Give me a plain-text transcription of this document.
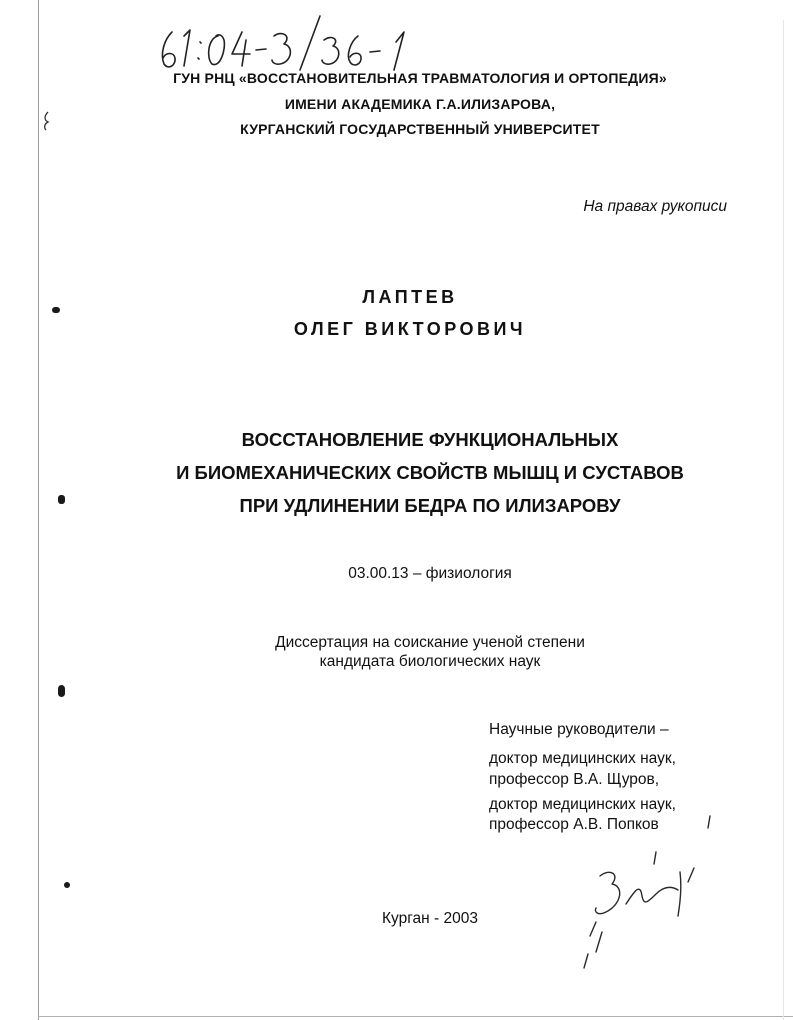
ГУН РНЦ «ВОССТАНОВИТЕЛЬНАЯ ТРАВМАТОЛОГИЯ И ОРТОПЕДИЯ»
ИМЕНИ АКАДЕМИКА Г.А.ИЛИЗАРОВА,
КУРГАНСКИЙ ГОСУДАРСТВЕННЫЙ УНИВЕРСИТЕТ
На правах рукописи
ЛАПТЕВ
ОЛЕГ ВИКТОРОВИЧ
ВОССТАНОВЛЕНИЕ ФУНКЦИОНАЛЬНЫХ
И БИОМЕХАНИЧЕСКИХ СВОЙСТВ МЫШЦ И СУСТАВОВ
ПРИ УДЛИНЕНИИ БЕДРА ПО ИЛИЗАРОВУ
03.00.13 – физиология
Диссертация на соискание ученой степени
кандидата биологических наук
Научные руководители –
доктор медицинских наук,
профессор В.А. Щуров,
доктор медицинских наук,
профессор А.В. Попков
Курган - 2003
